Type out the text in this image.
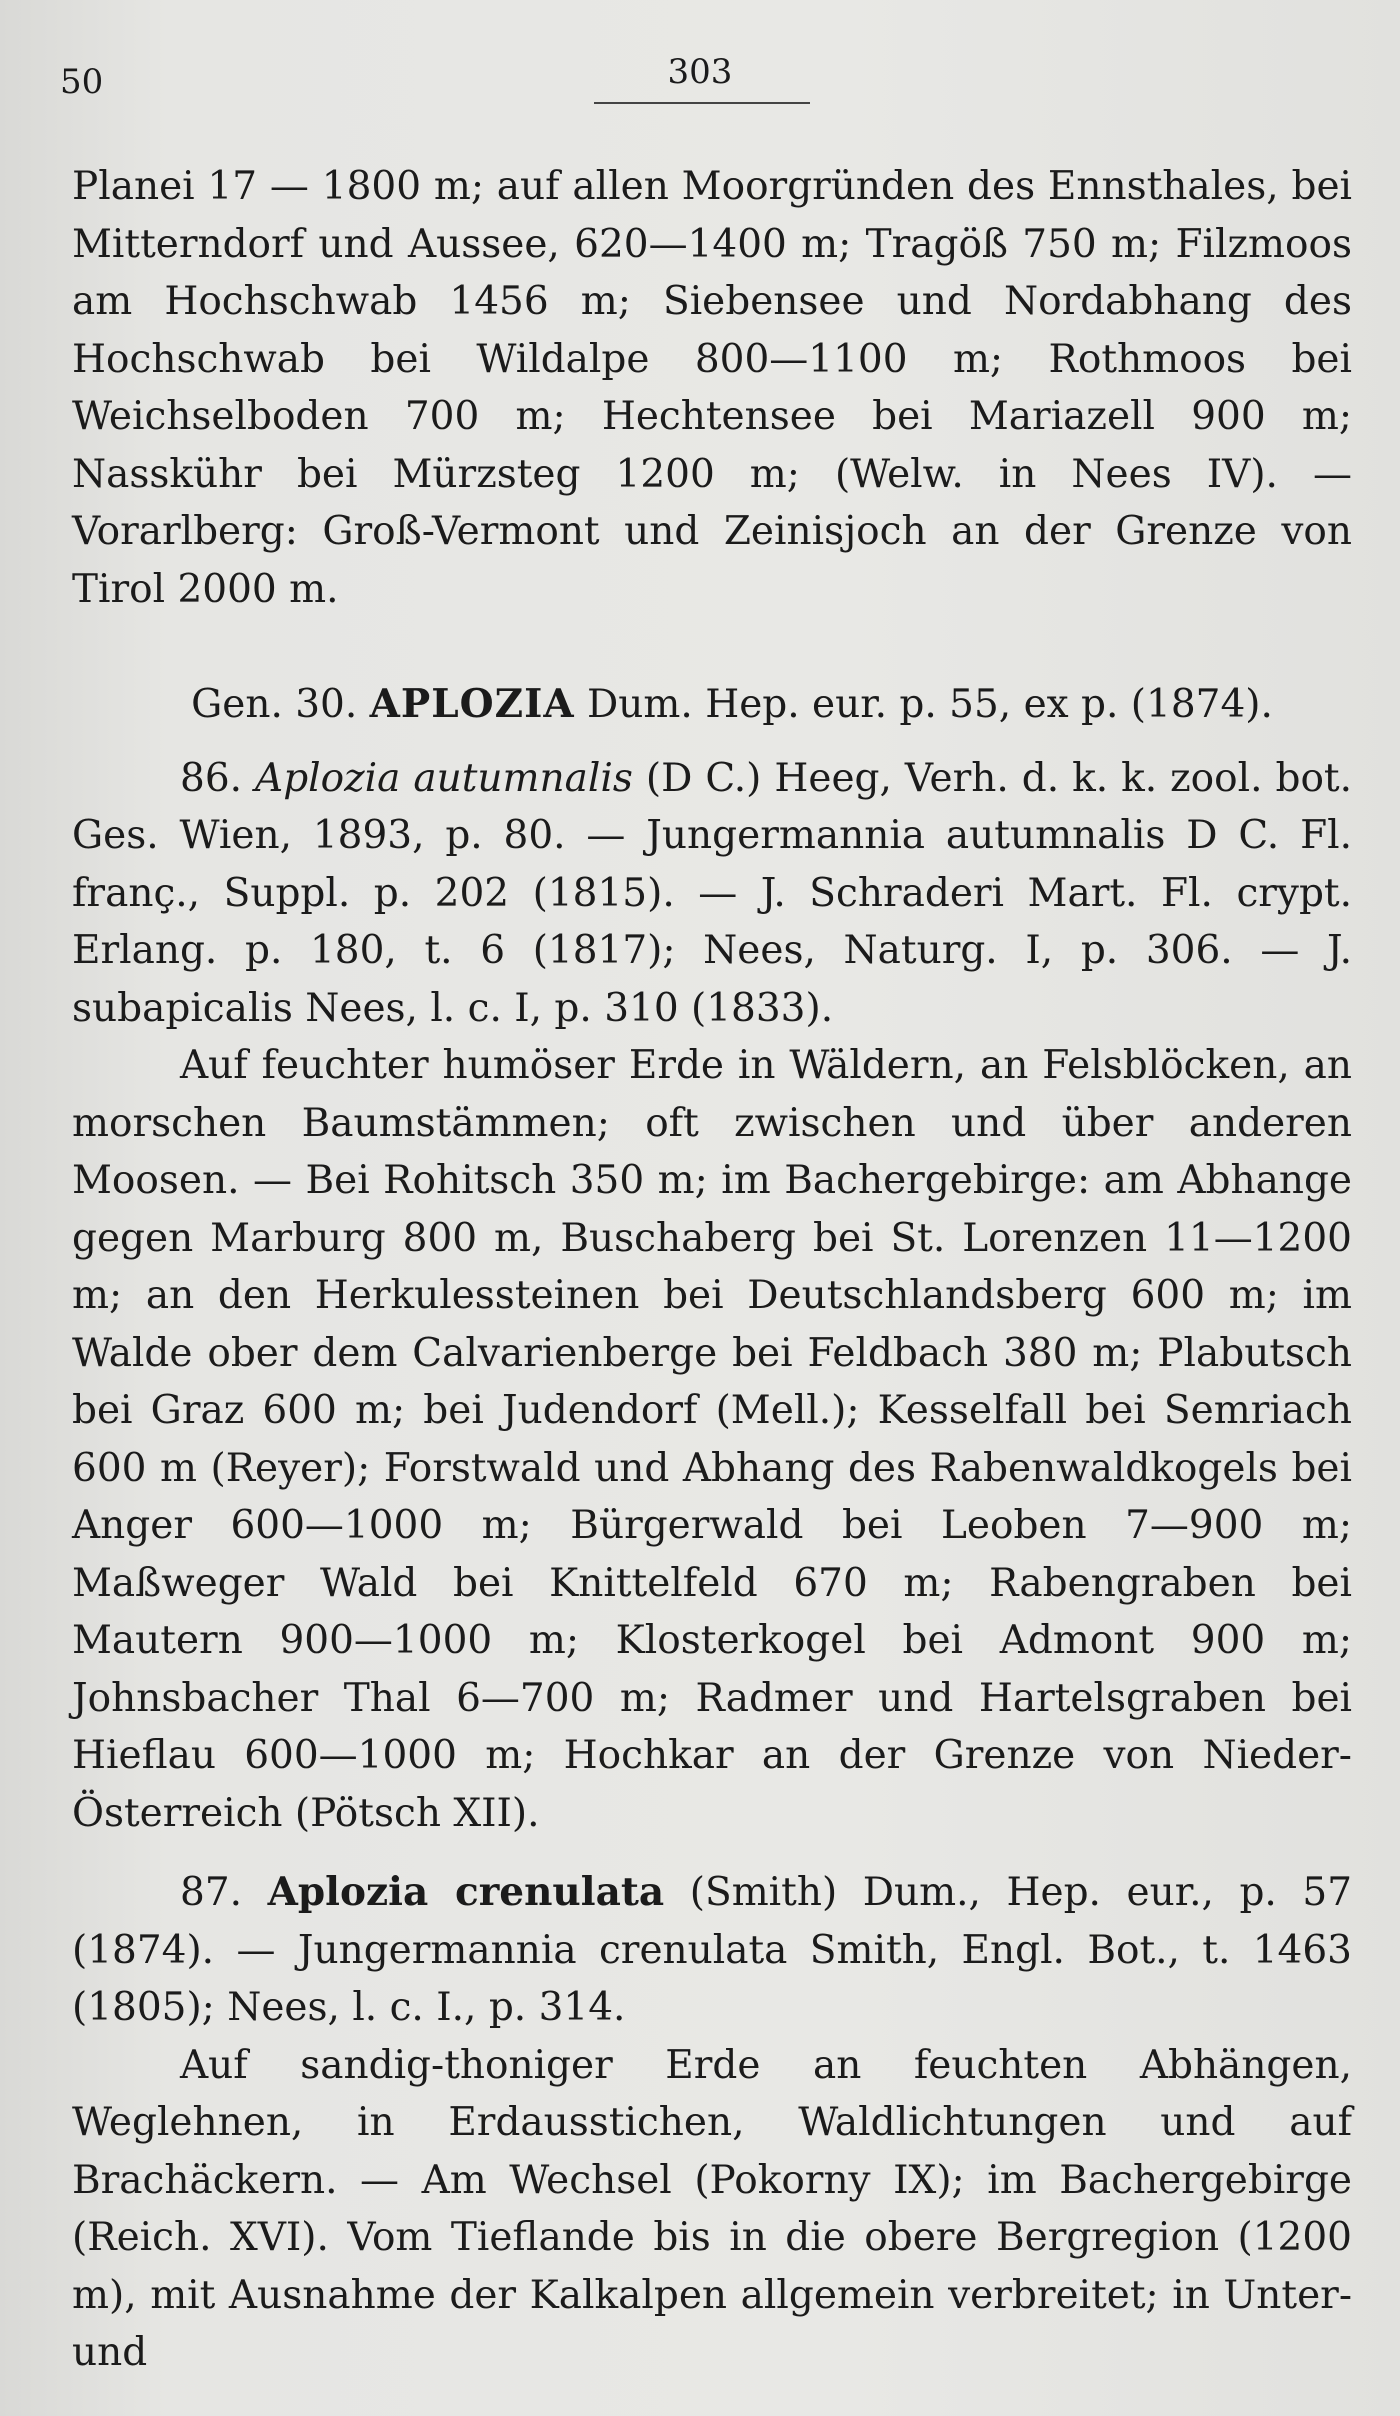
50	303

Planei 17 — 1800 m; auf allen Moorgründen des Ennsthales, bei Mitterndorf und Aussee, 620—1400 m; Tragöß 750 m; Filzmoos am Hochschwab 1456 m; Siebensee und Nordabhang des Hochschwab bei Wildalpe 800—1100 m; Rothmoos bei Weichselboden 700 m; Hechtensee bei Mariazell 900 m; Nasskühr bei Mürzsteg 1200 m; (Welw. in Nees IV). — Vorarlberg: Groß-Vermont und Zeinisjoch an der Grenze von Tirol 2000 m.

Gen. 30. APLOZIA Dum. Hep. eur. p. 55, ex p. (1874).

86. Aplozia autumnalis (D C.) Heeg, Verh. d. k. k. zool. bot. Ges. Wien, 1893, p. 80. — Jungermannia autumnalis D C. Fl. franç., Suppl. p. 202 (1815). — J. Schraderi Mart. Fl. crypt. Erlang. p. 180, t. 6 (1817); Nees, Naturg. I, p. 306. — J. subapicalis Nees, l. c. I, p. 310 (1833).

Auf feuchter humöser Erde in Wäldern, an Felsblöcken, an morschen Baumstämmen; oft zwischen und über anderen Moosen. — Bei Rohitsch 350 m; im Bachergebirge: am Abhange gegen Marburg 800 m, Buschaberg bei St. Lorenzen 11—1200 m; an den Herkulessteinen bei Deutschlandsberg 600 m; im Walde ober dem Calvarienberge bei Feldbach 380 m; Plabutsch bei Graz 600 m; bei Judendorf (Mell.); Kesselfall bei Semriach 600 m (Reyer); Forstwald und Abhang des Rabenwaldkogels bei Anger 600—1000 m; Bürgerwald bei Leoben 7—900 m; Maßweger Wald bei Knittelfeld 670 m; Rabengraben bei Mautern 900—1000 m; Klosterkogel bei Admont 900 m; Johnsbacher Thal 6—700 m; Radmer und Hartelsgraben bei Hieflau 600—1000 m; Hochkar an der Grenze von Nieder-Österreich (Pötsch XII).

87. Aplozia crenulata (Smith) Dum., Hep. eur., p. 57 (1874). — Jungermannia crenulata Smith, Engl. Bot., t. 1463 (1805); Nees, l. c. I., p. 314.

Auf sandig-thoniger Erde an feuchten Abhängen, Weglehnen, in Erdausstichen, Waldlichtungen und auf Brachäckern. — Am Wechsel (Pokorny IX); im Bachergebirge (Reich. XVI). Vom Tieflande bis in die obere Bergregion (1200 m), mit Ausnahme der Kalkalpen allgemein verbreitet; in Unter- und
